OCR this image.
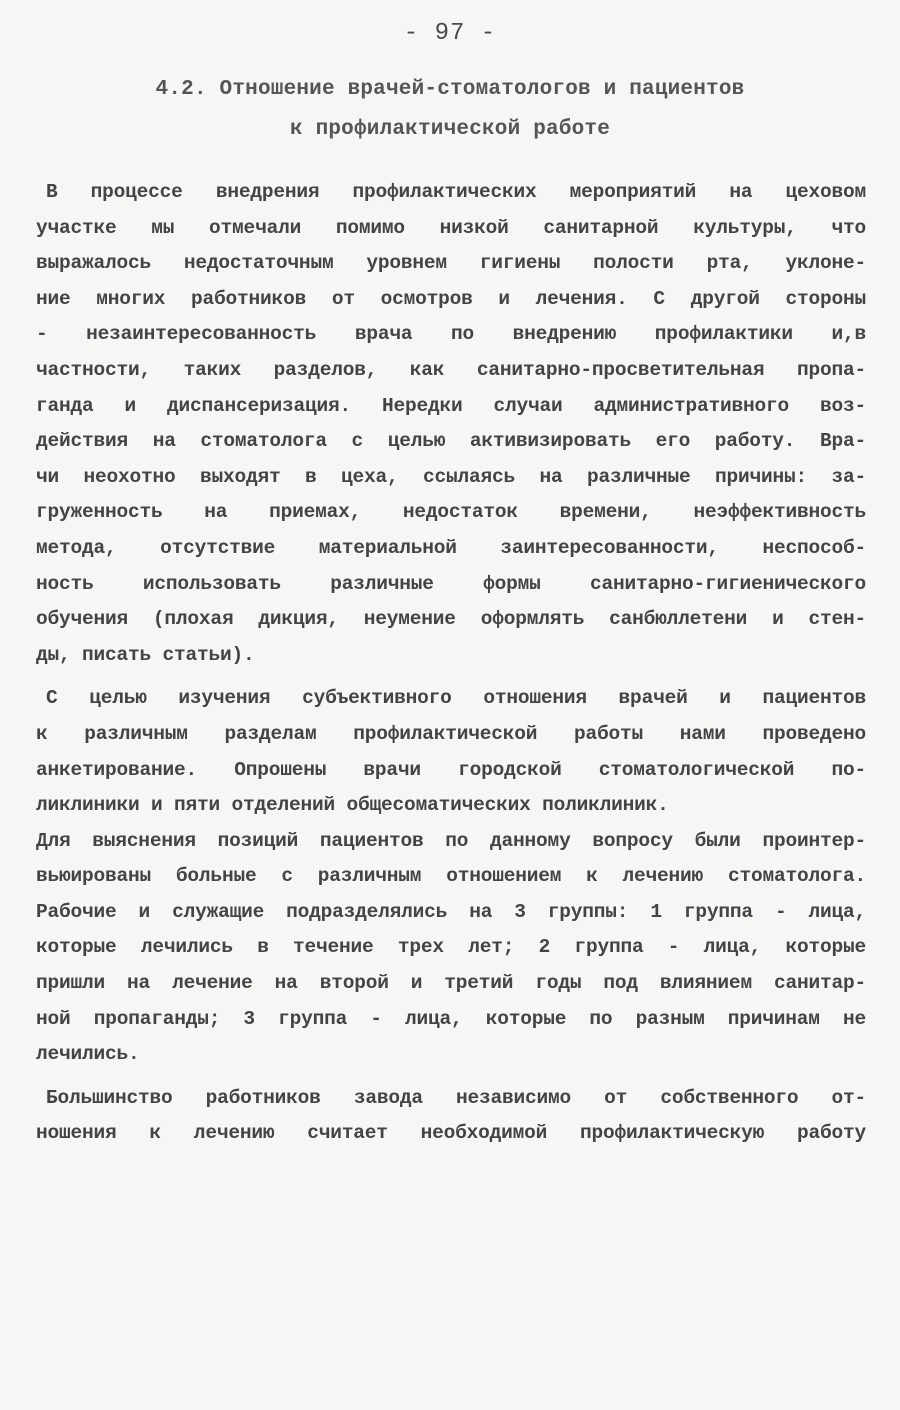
- 97 -
4.2. Отношение врачей-стоматологов и пациентов
к профилактической работе
В процессе внедрения профилактических мероприятий на цеховом
участке мы отмечали помимо низкой санитарной культуры, что
выражалось недостаточным уровнем гигиены полости рта, уклоне-
ние многих работников от осмотров и лечения. С другой стороны
- незаинтересованность врача по внедрению профилактики и,в
частности, таких разделов, как санитарно-просветительная пропа-
ганда и диспансеризация. Нередки случаи административного воз-
действия на стоматолога с целью активизировать его работу. Вра-
чи неохотно выходят в цеха, ссылаясь на различные причины: за-
груженность на приемах, недостаток времени, неэффективность
метода, отсутствие материальной заинтересованности, неспособ-
ность использовать различные формы санитарно-гигиенического
обучения (плохая дикция, неумение оформлять санбюллетени и стен-
ды, писать статьи).
С целью изучения субъективного отношения врачей и пациентов
к различным разделам профилактической работы нами проведено
анкетирование. Опрошены врачи городской стоматологической по-
ликлиники и пяти отделений общесоматических поликлиник.
Для выяснения позиций пациентов по данному вопросу были проинтер-
вьюированы больные с различным отношением к лечению стоматолога.
Рабочие и служащие подразделялись на 3 группы: 1 группа - лица,
которые лечились в течение трех лет; 2 группа - лица, которые
пришли на лечение на второй и третий годы под влиянием санитар-
ной пропаганды; 3 группа - лица, которые по разным причинам не
лечились.
Большинство работников завода независимо от собственного от-
ношения к лечению считает необходимой профилактическую работу
